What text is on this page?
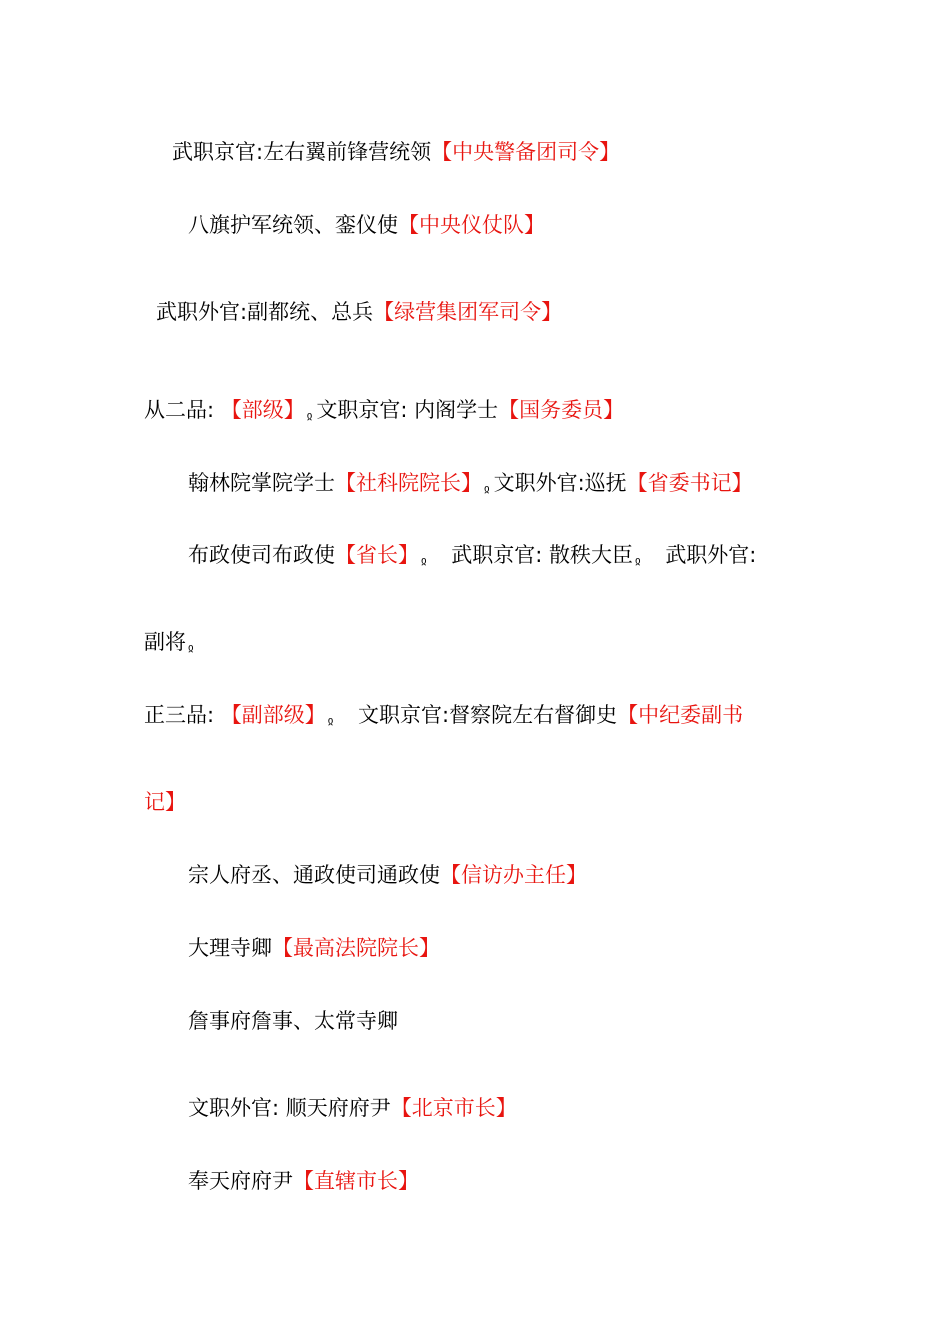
武职京官:左右翼前锋营统领【中央警备团司令】
八旗护军统领、銮仪使【中央仪仗队】
武职外官:副都统、总兵【绿营集团军司令】
从二品: 【部级】 ჲ 文职京官: 内阁学士【国务委员】
翰林院掌院学士【社科院院长】 ჲ 文职外官:巡抚【省委书记】
布政使司布政使【省长】 ჲ 武职京官: 散秩大臣 ჲ 武职外官:
副将 ჲ
正三品: 【副部级】 ჲ 文职京官:督察院左右督御史【中纪委副书
记】
宗人府丞、通政使司通政使【信访办主任】
大理寺卿【最高法院院长】
詹事府詹事、太常寺卿
文职外官: 顺天府府尹【北京市长】
奉天府府尹【直辖市长】
